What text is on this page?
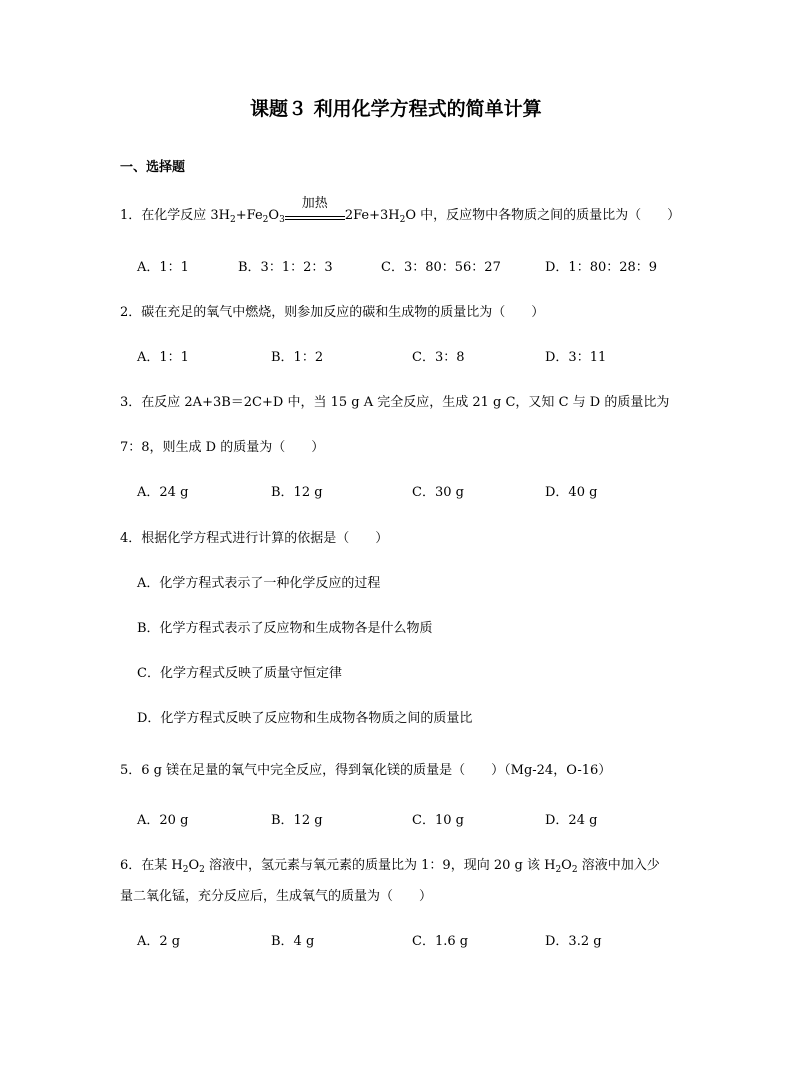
课题３ 利用化学方程式的简单计算
一、选择题
1．在化学反应 $3H_2+Fe_2O_3$
加热
$2Fe+3H_2O$ 中，反应物中各物质之间的质量比为（　　）
A．1：1	B．3：1：2：3	C．3：80：56：27	D．1：80：28：9
2．碳在充足的氧气中燃烧，则参加反应的碳和生成物的质量比为（　　）
A．1：1	B．1：2	C．3：8	D．3：11
3．在反应 2A+3B＝2C+D 中，当 15 g A 完全反应，生成 21 g C，又知 C 与 D 的质量比为
7：8，则生成 D 的质量为（　　）
A．24 g	B．12 g	C．30 g	D．40 g
4．根据化学方程式进行计算的依据是（　　）
A．化学方程式表示了一种化学反应的过程
B．化学方程式表示了反应物和生成物各是什么物质
C．化学方程式反映了质量守恒定律
D．化学方程式反映了反应物和生成物各物质之间的质量比
5．6 g 镁在足量的氧气中完全反应，得到氧化镁的质量是（　　）（Mg-24，O-16）
A．20 g	B．12 g	C．10 g	D．24 g
6．在某 $H_2O_2$ 溶液中，氢元素与氧元素的质量比为 1：9，现向 20 g 该 $H_2O_2$ 溶液中加入少
量二氧化锰，充分反应后，生成氧气的质量为（　　）
A．2 g	B．4 g	C．1.6 g	D．3.2 g
